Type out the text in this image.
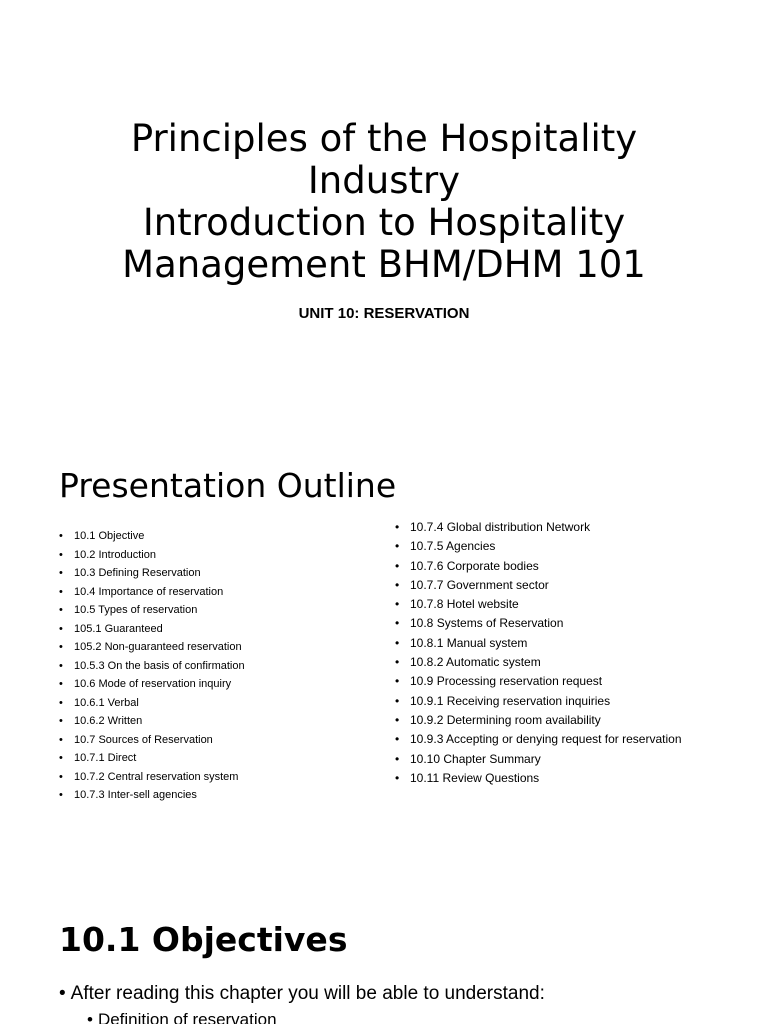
Principles of the Hospitality
Industry
Introduction to Hospitality
Management BHM/DHM 101
UNIT 10: RESERVATION
Presentation Outline
• 10.1 Objective
• 10.2 Introduction
• 10.3 Defining Reservation
• 10.4 Importance of reservation
• 10.5 Types of reservation
• 105.1 Guaranteed
• 105.2 Non-guaranteed reservation
• 10.5.3 On the basis of confirmation
• 10.6 Mode of reservation inquiry
• 10.6.1 Verbal
• 10.6.2 Written
• 10.7 Sources of Reservation
• 10.7.1 Direct
• 10.7.2 Central reservation system
• 10.7.3 Inter-sell agencies
• 10.7.4 Global distribution Network
• 10.7.5 Agencies
• 10.7.6 Corporate bodies
• 10.7.7 Government sector
• 10.7.8 Hotel website
• 10.8 Systems of Reservation
• 10.8.1 Manual system
• 10.8.2 Automatic system
• 10.9 Processing reservation request
• 10.9.1 Receiving reservation inquiries
• 10.9.2 Determining room availability
• 10.9.3 Accepting or denying request for reservation
• 10.10 Chapter Summary
• 10.11 Review Questions
10.1 Objectives
• After reading this chapter you will be able to understand:
• Definition of reservation
